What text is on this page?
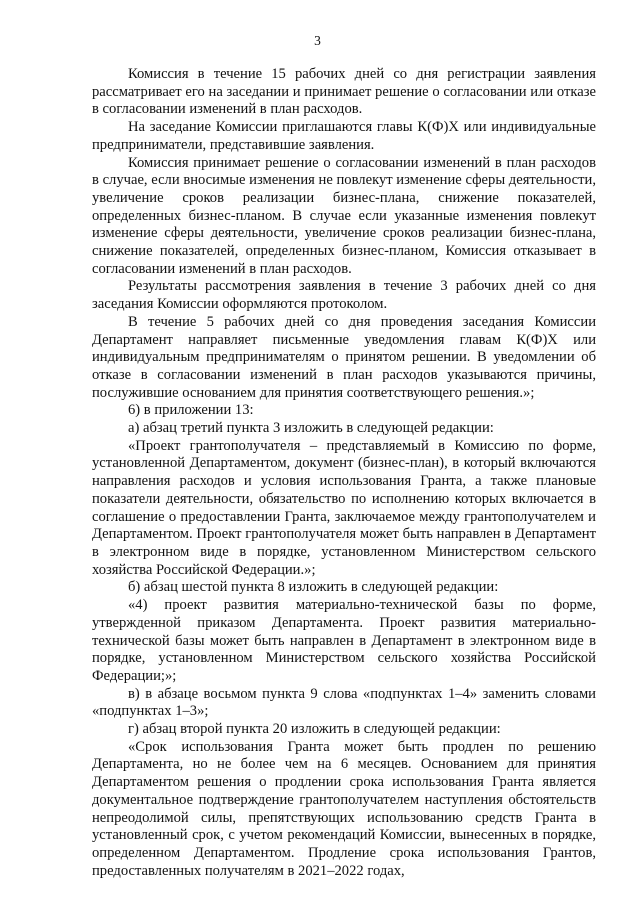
3

Комиссия в течение 15 рабочих дней со дня регистрации заявления рассматривает его на заседании и принимает решение о согласовании или отказе в согласовании изменений в план расходов.

На заседание Комиссии приглашаются главы К(Ф)Х или индивидуальные предприниматели, представившие заявления.

Комиссия принимает решение о согласовании изменений в план расходов в случае, если вносимые изменения не повлекут изменение сферы деятельности, увеличение сроков реализации бизнес-плана, снижение показателей, определенных бизнес-планом. В случае если указанные изменения повлекут изменение сферы деятельности, увеличение сроков реализации бизнес-плана, снижение показателей, определенных бизнес-планом, Комиссия отказывает в согласовании изменений в план расходов.

Результаты рассмотрения заявления в течение 3 рабочих дней со дня заседания Комиссии оформляются протоколом.

В течение 5 рабочих дней со дня проведения заседания Комиссии Департамент направляет письменные уведомления главам К(Ф)Х или индивидуальным предпринимателям о принятом решении. В уведомлении об отказе в согласовании изменений в план расходов указываются причины, послужившие основанием для принятия соответствующего решения.»;

6) в приложении 13:

а) абзац третий пункта 3 изложить в следующей редакции:

«Проект грантополучателя – представляемый в Комиссию по форме, установленной Департаментом, документ (бизнес-план), в который включаются направления расходов и условия использования Гранта, а также плановые показатели деятельности, обязательство по исполнению которых включается в соглашение о предоставлении Гранта, заключаемое между грантополучателем и Департаментом. Проект грантополучателя может быть направлен в Департамент в электронном виде в порядке, установленном Министерством сельского хозяйства Российской Федерации.»;

б) абзац шестой пункта 8 изложить в следующей редакции:

«4) проект развития материально-технической базы по форме, утвержденной приказом Департамента. Проект развития материально-технической базы может быть направлен в Департамент в электронном виде в порядке, установленном Министерством сельского хозяйства Российской Федерации;»;

в) в абзаце восьмом пункта 9 слова «подпунктах 1–4» заменить словами «подпунктах 1–3»;

г) абзац второй пункта 20 изложить в следующей редакции:

«Срок использования Гранта может быть продлен по решению Департамента, но не более чем на 6 месяцев. Основанием для принятия Департаментом решения о продлении срока использования Гранта является документальное подтверждение грантополучателем наступления обстоятельств непреодолимой силы, препятствующих использованию средств Гранта в установленный срок, с учетом рекомендаций Комиссии, вынесенных в порядке, определенном Департаментом. Продление срока использования Грантов, предоставленных получателям в 2021–2022 годах,
